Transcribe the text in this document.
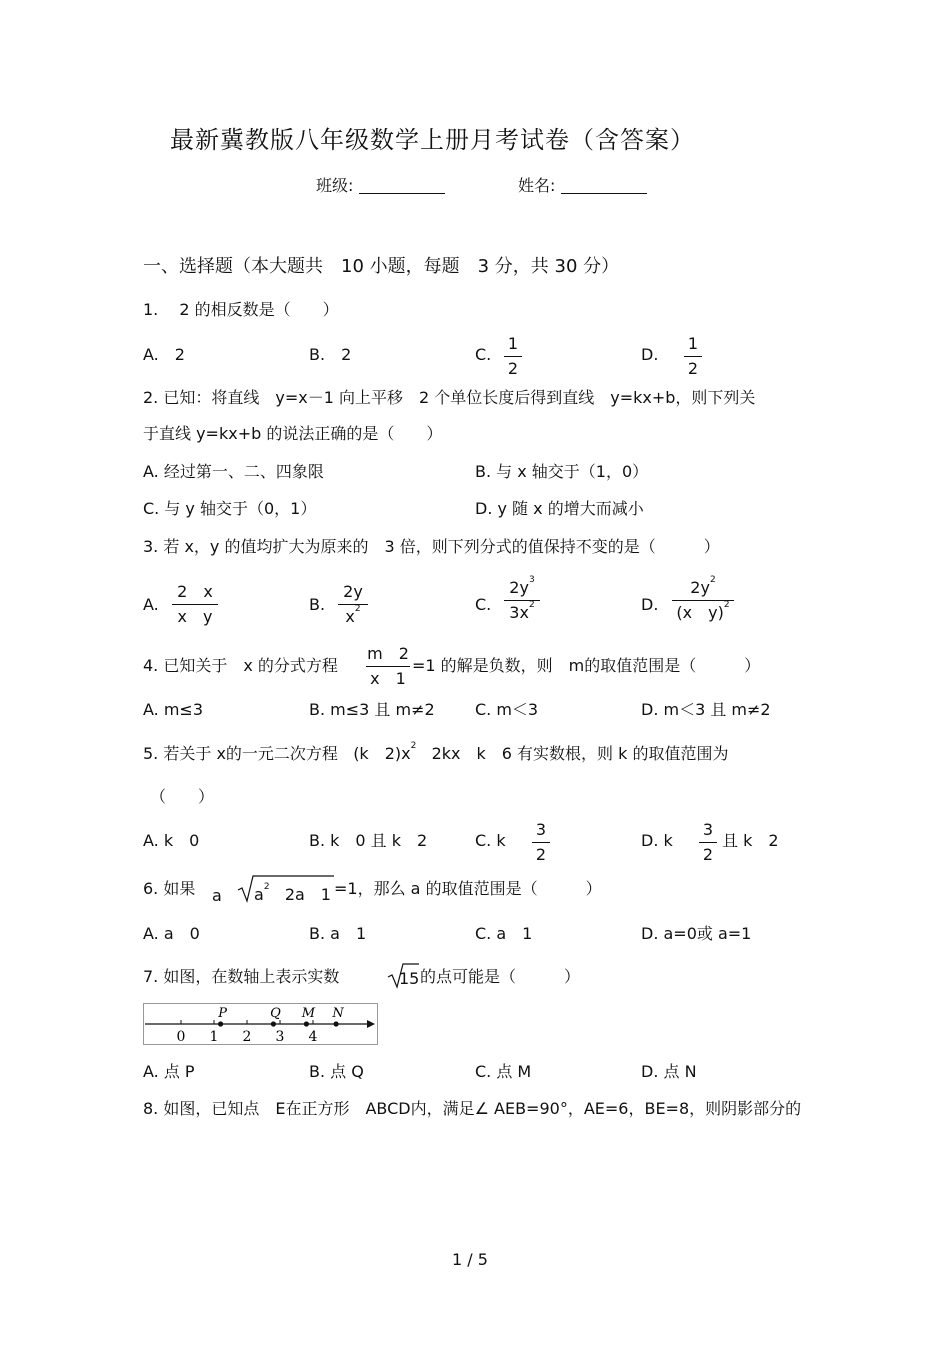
最新冀教版八年级数学上册月考试卷（含答案）
班级:	姓名:
一、选择题（本大题共　10 小题，每题　3 分，共 30 分）
1.　 2 的相反数是（　　）
A.　2	B.　2	C.
1
2
D.
1
2
2. 已知：将直线　y=x－1 向上平移　2 个单位长度后得到直线　y=kx+b，则下列关
于直线 y=kx+b 的说法正确的是（　　）
A. 经过第一、二、四象限	B. 与 x 轴交于（1，0）
C. 与 y 轴交于（0，1）	D. y 随 x 的增大而减小
3. 若 x，y 的值均扩大为原来的　3 倍，则下列分式的值保持不变的是（　　　）
A.
2　x
x　y
B.
2y
$x^2$	C.
$2y^3$
$3x^2$	D.
$2y^2$
(x　y)$^2$
4. 已知关于　x 的分式方程
m　2
x　1
=1 的解是负数，则　m的取值范围是（　　　）
A. m≤3	B. m≤3 且 m≠2	C. m＜3	D. m＜3 且 m≠2
5. 若关于 x的一元二次方程 (k　$2)x^2$ 2kx　k　6 有实数根，则 k 的取值范围为
（　　）
A. k　0	B. k　0 且 k　2	C. k
3
2
D. k
3
2
且 k　2
6. 如果 a $a^2$ 2a　1 =1，那么 a 的取值范围是（　　　）
A. a　0	B. a　1	C. a　1	D. a=0或 a=1
7. 如图，在数轴上表示实数	15 的点可能是（　　　）
0 1 2 3 4
P	Q M N
A. 点 P	B. 点 Q	C. 点 M	D. 点 N
8. 如图，已知点　E在正方形　ABCD内，满足∠ AEB=90°，AE=6，BE=8，则阴影部分的
1 / 5
